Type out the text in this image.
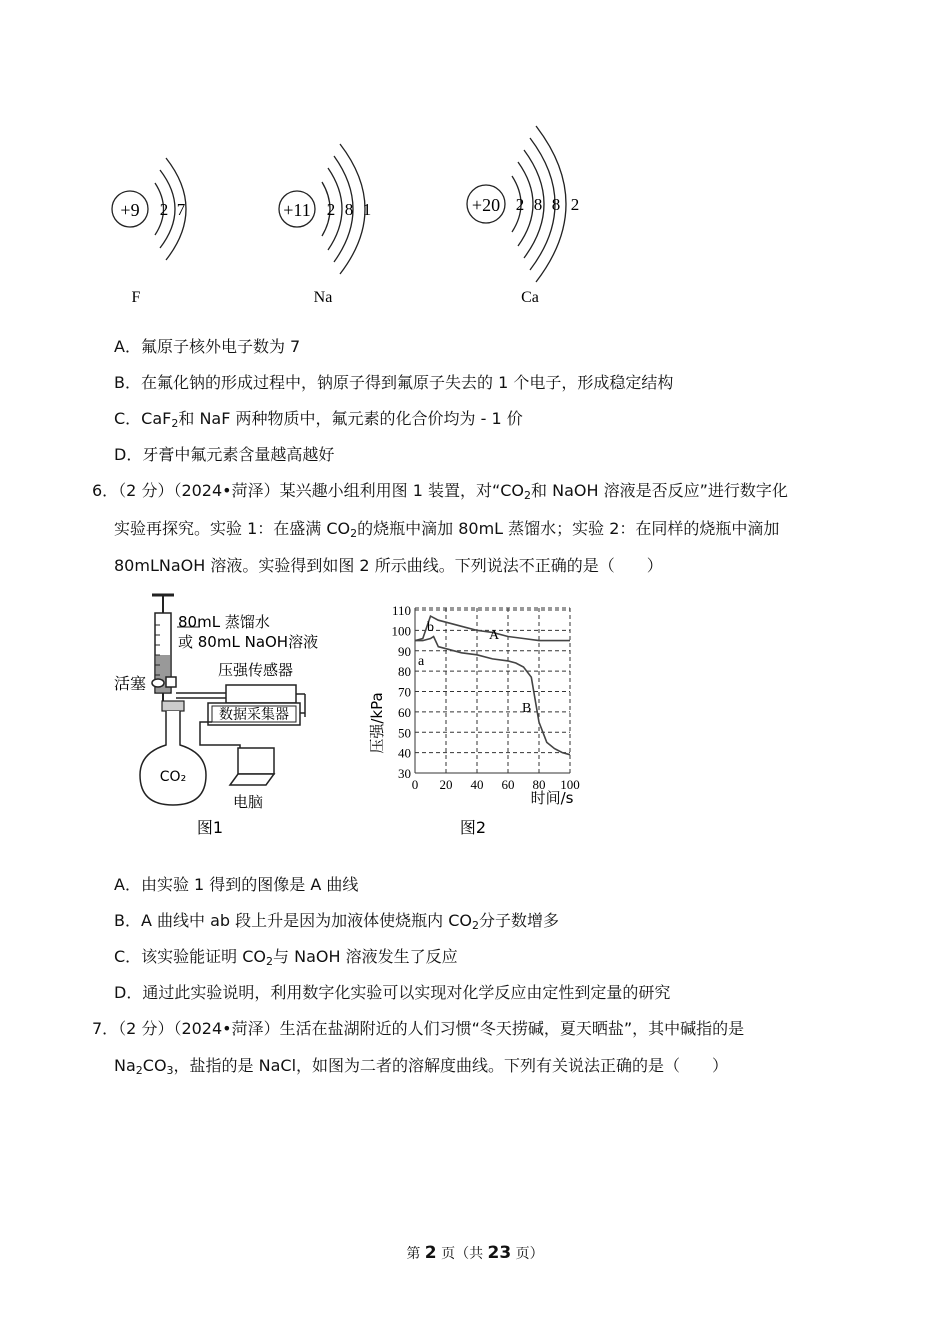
+9 2 7
F
+11 2 8 1
Na
+20 2 8 8 2
Ca
A．氟原子核外电子数为 7
B．在氟化钠的形成过程中，钠原子得到氟原子失去的 1 个电子，形成稳定结构
C．CaF$_2$和 NaF 两种物质中，氟元素的化合价均为 - 1 价
D．牙膏中氟元素含量越高越好
6．（2 分）（2024•菏泽）某兴趣小组利用图 1 装置，对“$CO_2$和 NaOH 溶液是否反应”进行数字化
实验再探究。实验 1：在盛满 $CO_2$的烧瓶中滴加 80mL 蒸馏水；实验 2：在同样的烧瓶中滴加
80mLNaOH 溶液。实验得到如图 2 所示曲线。下列说法不正确的是（　　）
80mL 蒸馏水
或 80mL NaOH溶液
活塞
CO₂
压强传感器
数据采集器
电脑
图1
30
40
50
60
70
80
90
100
110
0 20 40 60 80 100
压强/kPa
时间/s
a
b
A
B
图2
A．由实验 1 得到的图像是 A 曲线
B．A 曲线中 ab 段上升是因为加液体使烧瓶内 $CO_2$分子数增多
C．该实验能证明 $CO_2$与 NaOH 溶液发生了反应
D．通过此实验说明，利用数字化实验可以实现对化学反应由定性到定量的研究
7．（2 分）（2024•菏泽）生活在盐湖附近的人们习惯“冬天捞碱，夏天晒盐”，其中碱指的是
$Na_2CO_3$，盐指的是 NaCl，如图为二者的溶解度曲线。下列有关说法正确的是（　　）
第 2 页（共 23 页）
